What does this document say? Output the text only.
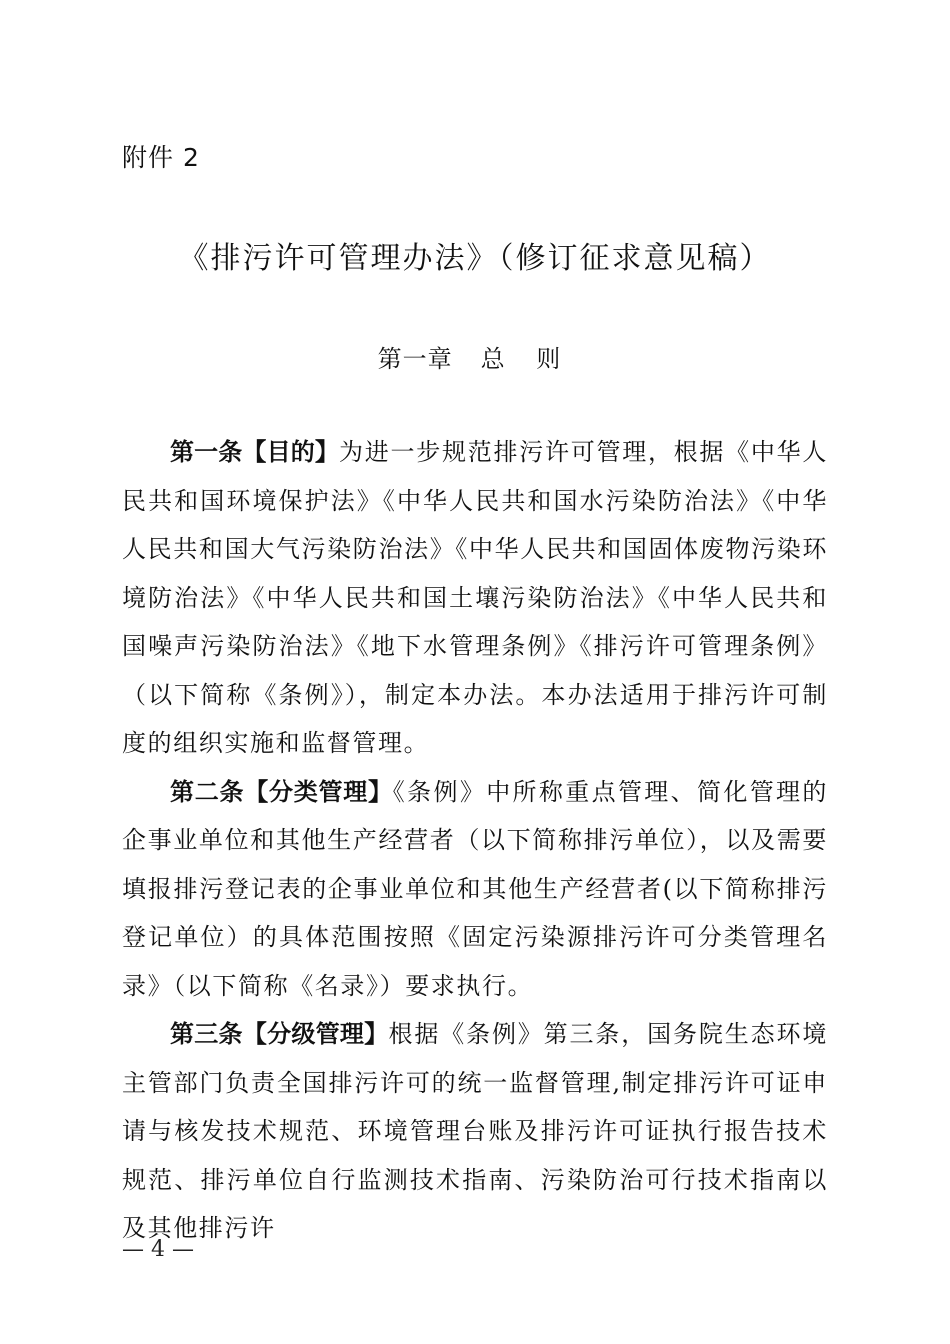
附件 2

《排污许可管理办法》（修订征求意见稿）
第一章 总 则

第一条【目的】为进一步规范排污许可管理，根据《中华人民共和国环境保护法》《中华人民共和国水污染防治法》《中华人民共和国大气污染防治法》《中华人民共和国固体废物污染环境防治法》《中华人民共和国土壤污染防治法》《中华人民共和国噪声污染防治法》《地下水管理条例》《排污许可管理条例》（以下简称《条例》），制定本办法。本办法适用于排污许可制度的组织实施和监督管理。

第二条【分类管理】《条例》中所称重点管理、简化管理的企事业单位和其他生产经营者（以下简称排污单位），以及需要填报排污登记表的企事业单位和其他生产经营者(以下简称排污登记单位）的具体范围按照《固定污染源排污许可分类管理名录》（以下简称《名录》）要求执行。

第三条【分级管理】根据《条例》第三条，国务院生态环境主管部门负责全国排污许可的统一监督管理,制定排污许可证申请与核发技术规范、环境管理台账及排污许可证执行报告技术规范、排污单位自行监测技术指南、污染防治可行技术指南以及其他排污许

— 4 —
